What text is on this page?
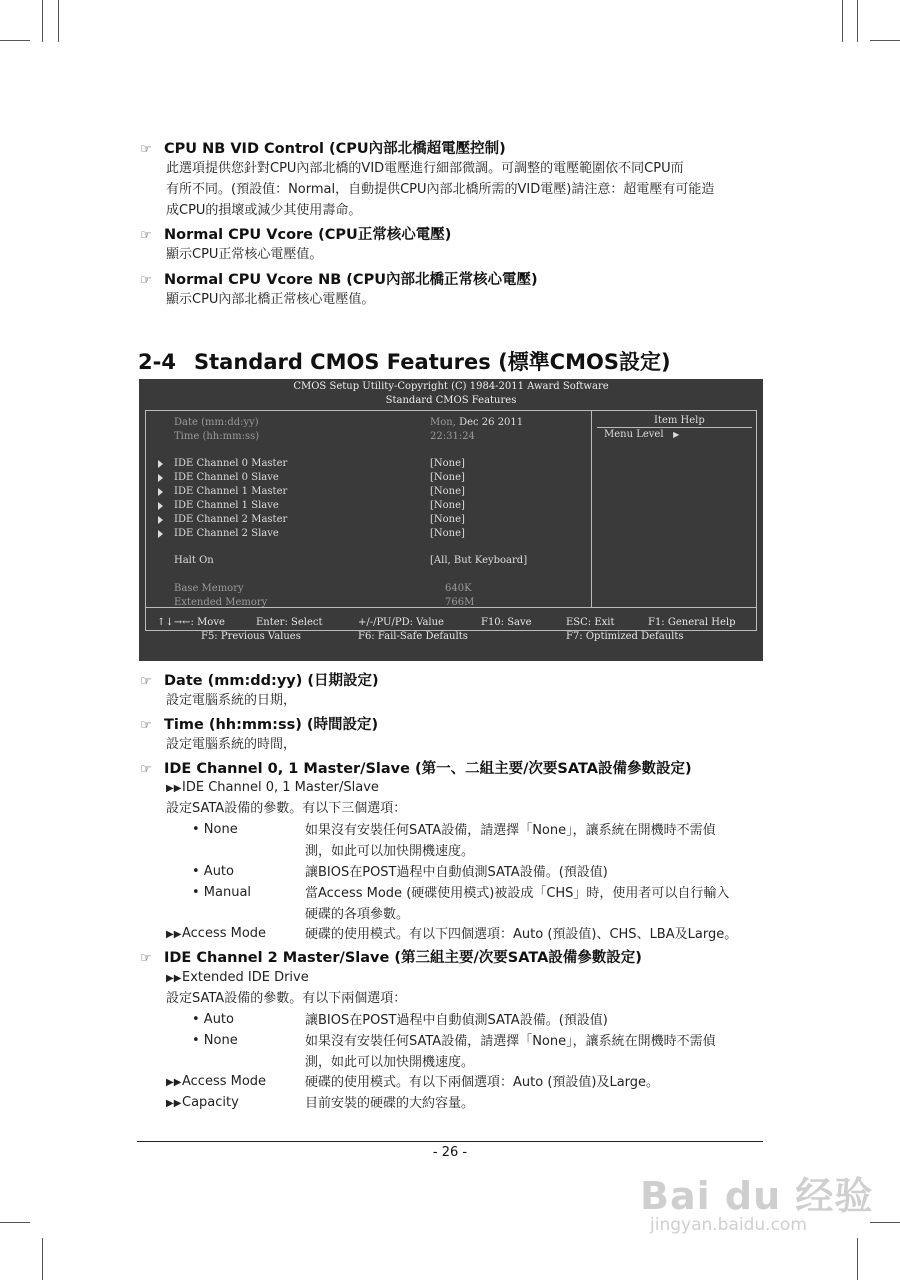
☞ CPU NB VID Control (CPU內部北橋超電壓控制)
此選項提供您針對CPU內部北橋的VID電壓進行細部微調。可調整的電壓範圍依不同CPU而
有所不同。(預設值：Normal，自動提供CPU內部北橋所需的VID電壓)請注意：超電壓有可能造
成CPU的損壞或減少其使用壽命。
☞ Normal CPU Vcore (CPU正常核心電壓)
顯示CPU正常核心電壓值。
☞ Normal CPU Vcore NB (CPU內部北橋正常核心電壓)
顯示CPU內部北橋正常核心電壓值。
2-4 Standard CMOS Features (標準CMOS設定)
CMOS Setup Utility-Copyright (C) 1984-2011 Award Software
Standard CMOS Features
Date (mm:dd:yy)	Mon, Dec 26 2011
Time (hh:mm:ss)	22:31:24
IDE Channel 0 Master	[None]
IDE Channel 0 Slave	[None]
IDE Channel 1 Master	[None]
IDE Channel 1 Slave	[None]
IDE Channel 2 Master	[None]
IDE Channel 2 Slave	[None]
Halt On	[All, But Keyboard]
Base Memory	640K
Extended Memory	766M
Item Help
Menu Level ▶
↑↓→←: Move	Enter: Select	+/-/PU/PD: Value	F10: Save	ESC: Exit	F1: General Help
F5: Previous Values	F6: Fail-Safe Defaults	F7: Optimized Defaults
☞ Date (mm:dd:yy) (日期設定)
設定電腦系統的日期，
☞ Time (hh:mm:ss) (時間設定)
設定電腦系統的時間，
☞ IDE Channel 0, 1 Master/Slave (第一、二組主要/次要SATA設備參數設定)
▶▶IDE Channel 0, 1 Master/Slave
設定SATA設備的參數。有以下三個選項：
• None	如果沒有安裝任何SATA設備，請選擇「None」，讓系統在開機時不需偵
測，如此可以加快開機速度。
• Auto	讓BIOS在POST過程中自動偵測SATA設備。(預設值)
• Manual	當Access Mode (硬碟使用模式)被設成「CHS」時，使用者可以自行輸入
硬碟的各項參數。
▶▶Access Mode	硬碟的使用模式。有以下四個選項：Auto (預設值)、CHS、LBA及Large。
☞ IDE Channel 2 Master/Slave (第三組主要/次要SATA設備參數設定)
▶▶Extended IDE Drive
設定SATA設備的參數。有以下兩個選項：
• Auto	讓BIOS在POST過程中自動偵測SATA設備。(預設值)
• None	如果沒有安裝任何SATA設備，請選擇「None」，讓系統在開機時不需偵
測，如此可以加快開機速度。
▶▶Access Mode	硬碟的使用模式。有以下兩個選項：Auto (預設值)及Large。
▶▶Capacity	目前安裝的硬碟的大約容量。
- 26 -
Bai du 经验
jingyan.baidu.com
